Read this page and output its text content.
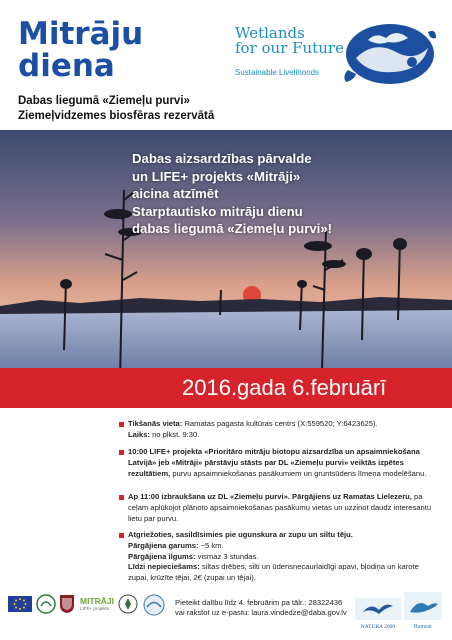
Mitrāju
diena
Dabas liegumā «Ziemeļu purvi»
Ziemeļvidzemes biosfēras rezervātā
Wetlands
for our Future
Sustainable Livelihoods
Dabas aizsardzības pārvalde
un LIFE+ projekts «Mitrāji»
aicina atzīmēt
Starptautisko mitrāju dienu
dabas liegumā «Ziemeļu purvi»!
2016.gada 6.februārī
Tikšanās vieta: Ramatas pagasta kultūras centrs (X:559520; Y:6423625).
Laiks: no plkst. 9:30.
10:00 LIFE+ projekta «Prioritāro mitrāju biotopu aizsardzība un apsaimniekošana Latvijā» jeb «Mitrāji» pārstāvju stāsts par DL «Ziemeļu purvi» veiktās izpētes rezultātiem, purvu apsaimniekošanas pasākumiem un gruntsūdens līmeņa modelēšanu.
Ap 11:00 izbraukšana uz DL «Ziemeļu purvi». Pārgājiens uz Ramatas Lielezeru, pa ceļam aplūkojot plānoto apsaimniekošanas pasākumu vietas un uzzinot daudz interesantu lietu par purvu.
Atgriežoties, sasildīsimies pie ugunskura ar zupu un siltu tēju.
Pārgājiena garums: ~5 km.
Pārgājiena ilgums: vismaz 3 stundas.
Līdzi nepieciešams: siltas drēbes, silti un ūdensnecaurlaidīgi apavi, bļodiņa un karote zupai, krūzīte tējai, 2€ (zupai un tējai).
Pieteikt dalību līdz 4. februārim pa tālr.: 28322436
vai rakstot uz e-pastu: laura.vindedze@daba.gov.lv
MITRĀJI
LIFE+ projekts
NATURA 2000	Ramsar
